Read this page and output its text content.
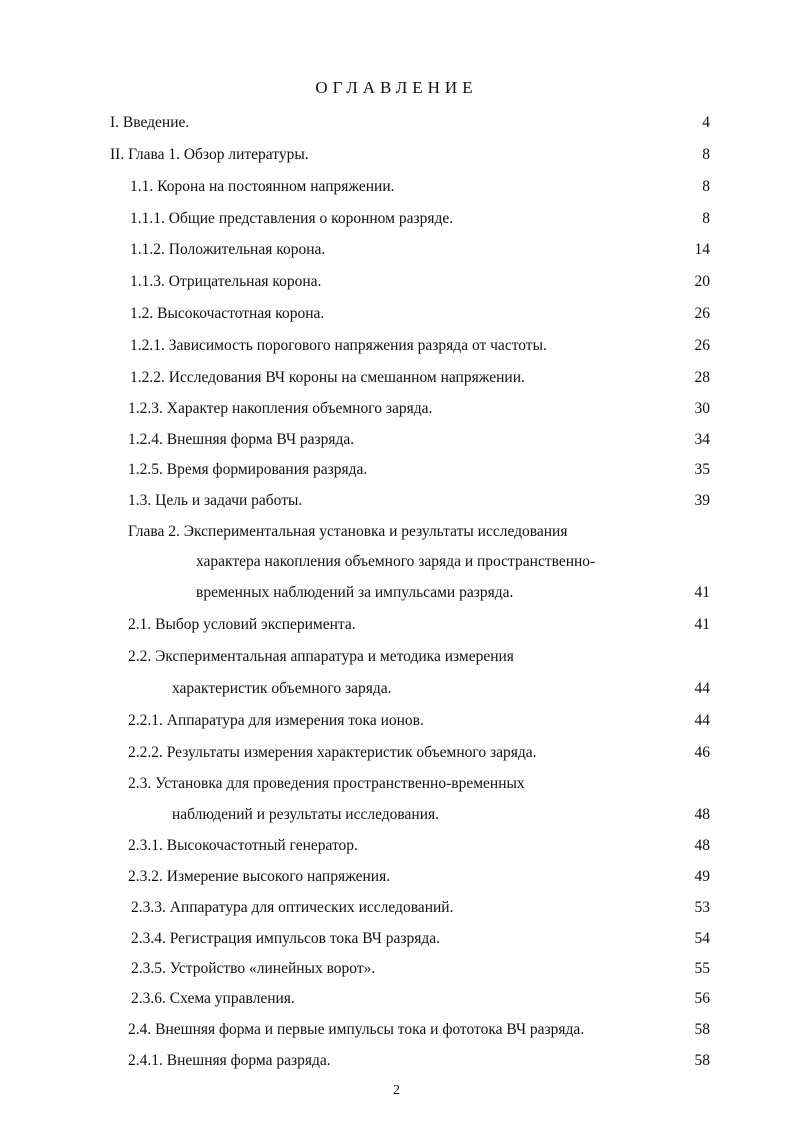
ОГЛАВЛЕНИЕ
I. Введение.	4
II. Глава 1. Обзор литературы.	8
1.1. Корона на постоянном напряжении.	8
1.1.1. Общие представления о коронном разряде.	8
1.1.2. Положительная корона.	14
1.1.3. Отрицательная корона.	20
1.2. Высокочастотная корона.	26
1.2.1. Зависимость порогового напряжения разряда от частоты.	26
1.2.2. Исследования ВЧ короны на смешанном напряжении.	28
1.2.3. Характер накопления объемного заряда.	30
1.2.4. Внешняя форма ВЧ разряда.	34
1.2.5. Время формирования разряда.	35
1.3. Цель и задачи работы.	39
Глава 2. Экспериментальная установка и результаты исследования
характера накопления объемного заряда и пространственно-
временных наблюдений за импульсами разряда.	41
2.1. Выбор условий эксперимента.	41
2.2. Экспериментальная аппаратура и методика измерения
характеристик объемного заряда.	44
2.2.1. Аппаратура для измерения тока ионов.	44
2.2.2. Результаты измерения характеристик объемного заряда.	46
2.3. Установка для проведения пространственно-временных
наблюдений и результаты исследования.	48
2.3.1. Высокочастотный генератор.	48
2.3.2. Измерение высокого напряжения.	49
2.3.3. Аппаратура для оптических исследований.	53
2.3.4. Регистрация импульсов тока ВЧ разряда.	54
2.3.5. Устройство «линейных ворот».	55
2.3.6. Схема управления.	56
2.4. Внешняя форма и первые импульсы тока и фототока ВЧ разряда.	58
2.4.1. Внешняя форма разряда.	58
2
